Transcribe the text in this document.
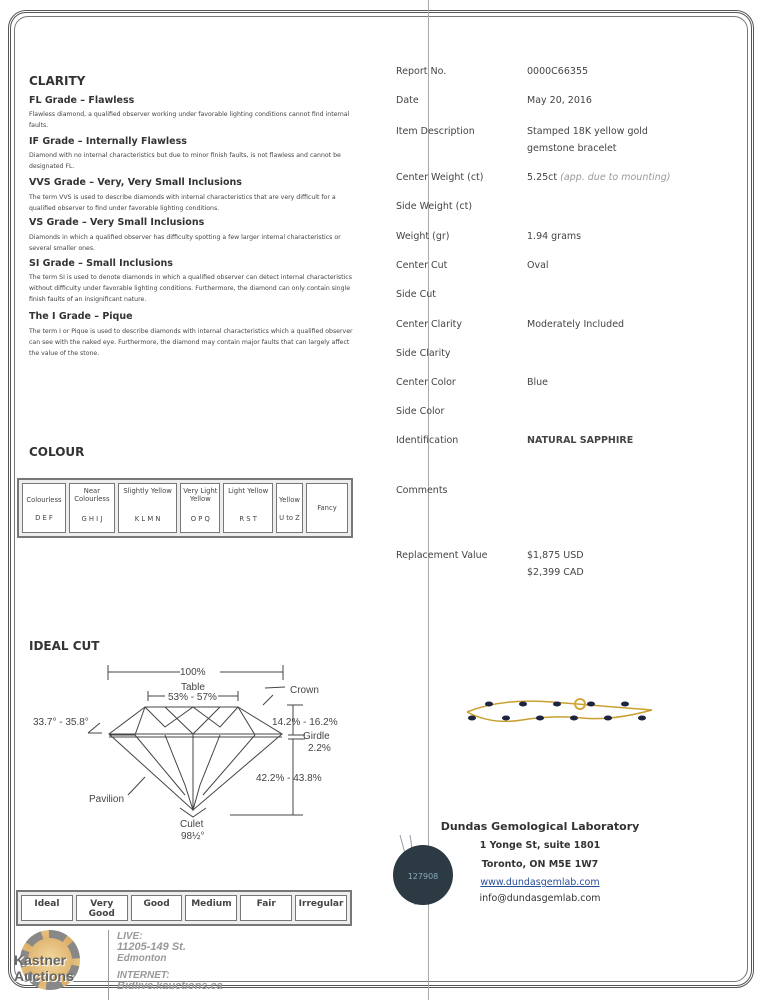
CLARITY
FL Grade – Flawless
Flawless diamond, a qualified observer working under favorable lighting conditions cannot find internal faults.
IF Grade – Internally Flawless
Diamond with no internal characteristics but due to minor finish faults, is not flawless and cannot be designated FL.
VVS Grade – Very, Very Small Inclusions
The term VVS is used to describe diamonds with internal characteristics that are very difficult for a qualified observer to find under favorable lighting conditions.
VS Grade – Very Small Inclusions
Diamonds in which a qualified observer has difficulty spotting a few larger internal characteristics or several smaller ones.
SI Grade – Small Inclusions
The term SI is used to denote diamonds in which a qualified observer can detect internal characteristics without difficulty under favorable lighting conditions. Furthermore, the diamond can only contain single finish faults of an insignificant nature.
The I Grade – Pique
The term I or Pique is used to describe diamonds with internal characteristics which a qualified observer can see with the naked eye. Furthermore, the diamond may contain major faults that can largely affect the value of the stone.
COLOUR
Colourless
D E F

Near Colourless
G H I J

Slightly Yellow
K L M N

Very Light Yellow
O P Q

Light Yellow
R S T

Yellow
U to Z

Fancy
IDEAL CUT
100%
Table
53% - 57%
Crown
33.7° - 35.8°	14.2% - 16.2%
Girdle
2.2%
42.2% - 43.8%
Pavilion
Culet
98½°
Ideal	Very Good	Good	Medium	Fair	Irregular
Report No.	0000C66355
Date	May 20, 2016
Item Description	Stamped 18K yellow gold gemstone bracelet
Center Weight (ct)	5.25ct (app. due to mounting)
Side Weight (ct)
Weight (gr)	1.94 grams
Center Cut	Oval
Side Cut
Center Clarity	Moderately Included
Side Clarity
Center Color	Blue
Side Color
Identification	NATURAL SAPPHIRE
Comments
Replacement Value	$1,875 USD
$2,399 CAD
127908
Dundas Gemological Laboratory
1 Yonge St, suite 1801
Toronto, ON M5E 1W7
www.dundasgemlab.com
info@dundasgemlab.com
Kastner Auctions
LIVE:
11205-149 St.
Edmonton
INTERNET:
Bidlive.kauctions.ca
